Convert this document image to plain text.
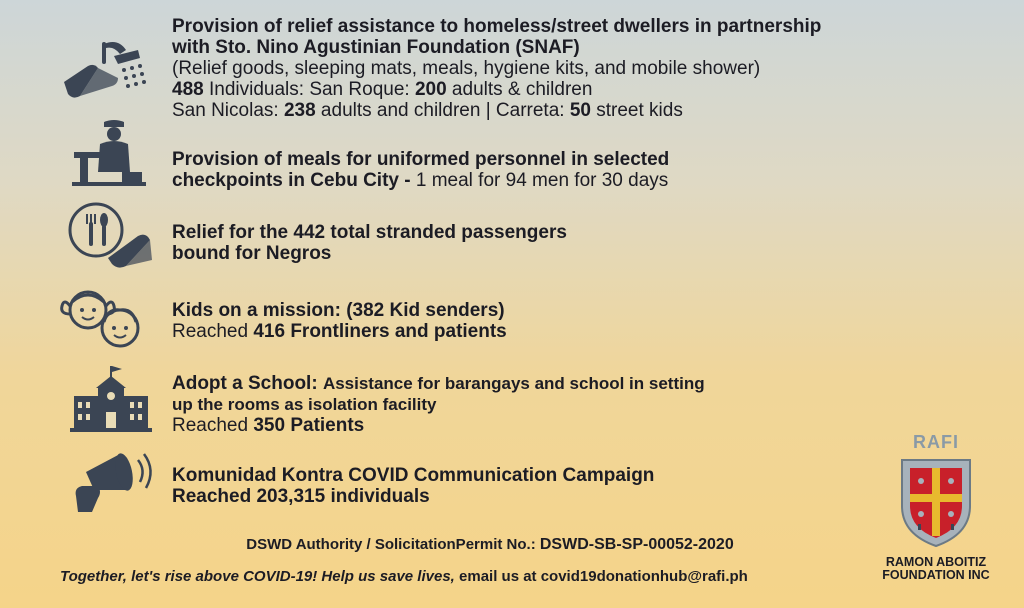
Provision of relief assistance to homeless/street dwellers in partnership
with Sto. Nino Agustinian Foundation (SNAF)
(Relief goods, sleeping mats, meals, hygiene kits, and mobile shower)
488 Individuals: San Roque: 200 adults & children
San Nicolas: 238 adults and children | Carreta: 50 street kids
Provision of meals for uniformed personnel in selected
checkpoints in Cebu City - 1 meal for 94 men for 30 days
Relief for the 442 total stranded passengers
bound for Negros
Kids on a mission: (382 Kid senders)
Reached 416 Frontliners and patients
Adopt a School: Assistance for barangays and school in setting
up the rooms as isolation facility
Reached 350 Patients
Komunidad Kontra COVID Communication Campaign
Reached 203,315 individuals
DSWD Authority / SolicitationPermit No.: DSWD-SB-SP-00052-2020
Together, let's rise above COVID-19! Help us save lives, email us at covid19donationhub@rafi.ph
RAFI
RAMON ABOITIZ
FOUNDATION INC
